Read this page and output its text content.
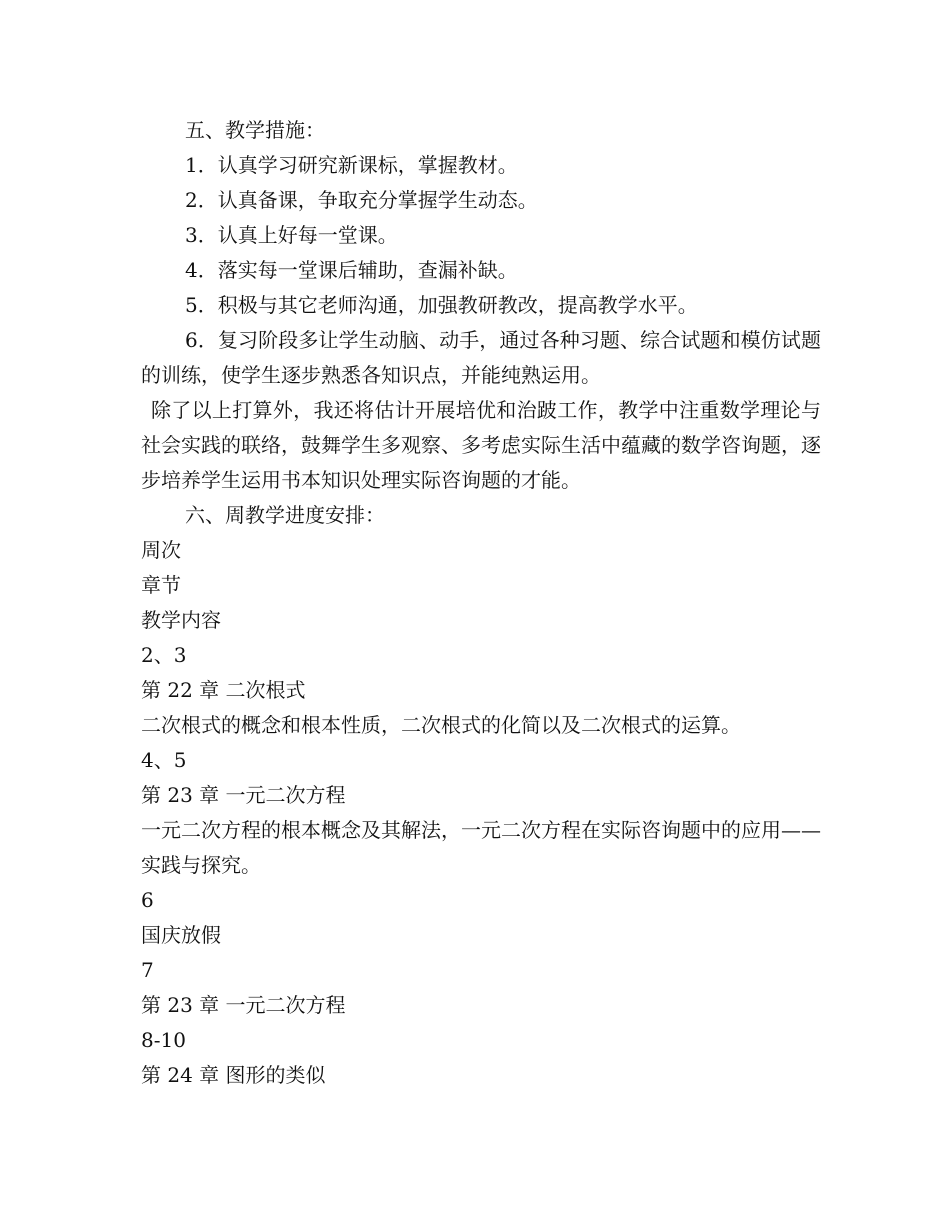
五、教学措施：
1．认真学习研究新课标，掌握教材。
2．认真备课，争取充分掌握学生动态。
3．认真上好每一堂课。
4．落实每一堂课后辅助，查漏补缺。
5．积极与其它老师沟通，加强教研教改，提高教学水平。
6．复习阶段多让学生动脑、动手，通过各种习题、综合试题和模仿试题的训练，使学生逐步熟悉各知识点，并能纯熟运用。
除了以上打算外，我还将估计开展培优和治跛工作，教学中注重数学理论与社会实践的联络，鼓舞学生多观察、多考虑实际生活中蕴藏的数学咨询题，逐步培养学生运用书本知识处理实际咨询题的才能。
六、周教学进度安排：
周次
章节
教学内容
2、3
第 22 章 二次根式
二次根式的概念和根本性质，二次根式的化简以及二次根式的运算。
4、5
第 23 章 一元二次方程
一元二次方程的根本概念及其解法，一元二次方程在实际咨询题中的应用——实践与探究。
6
国庆放假
7
第 23 章 一元二次方程
8-10
第 24 章 图形的类似
